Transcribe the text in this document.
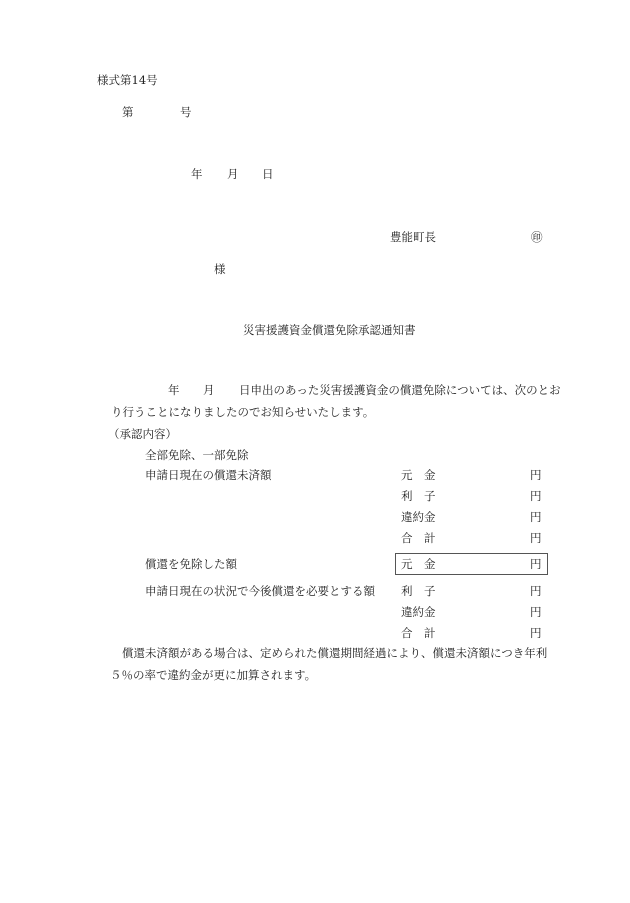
様式第14号
第	号
年 月 日
豊能町長	㊞
様
災害援護資金償還免除承認通知書
年 月 日申出のあった災害援護資金の償還免除については、次のとお
り行うことになりましたのでお知らせいたします。
（承認内容）
全部免除、一部免除
申請日現在の償還未済額	元　金	円
利　子	円
違約金	円
合　計	円
償還を免除した額	元　金	円
申請日現在の状況で今後償還を必要とする額 利　子	円
違約金	円
合　計	円
償還未済額がある場合は、定められた償還期間経過により、償還未済額につき年利
５％の率で違約金が更に加算されます。
